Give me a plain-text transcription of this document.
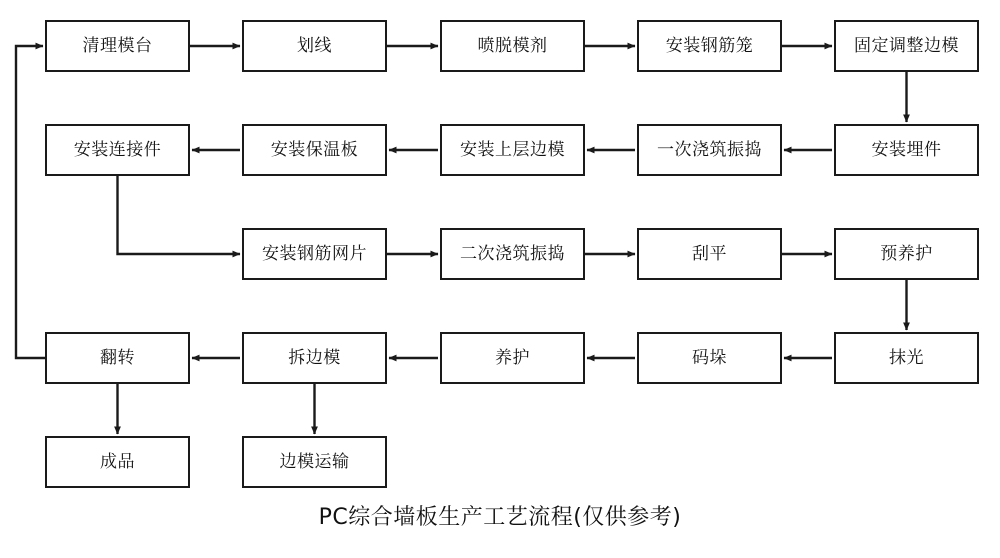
清理模台	划线	喷脱模剂	安装钢筋笼	固定调整边模
安装埋件
一次浇筑振捣
安装上层边模
安装保温板
安装连接件
安装钢筋网片	二次浇筑振捣	刮平	预养护
抹光
码垛
养护
拆边模
翻转
成品	边模运输
PC综合墙板生产工艺流程(仅供参考)
